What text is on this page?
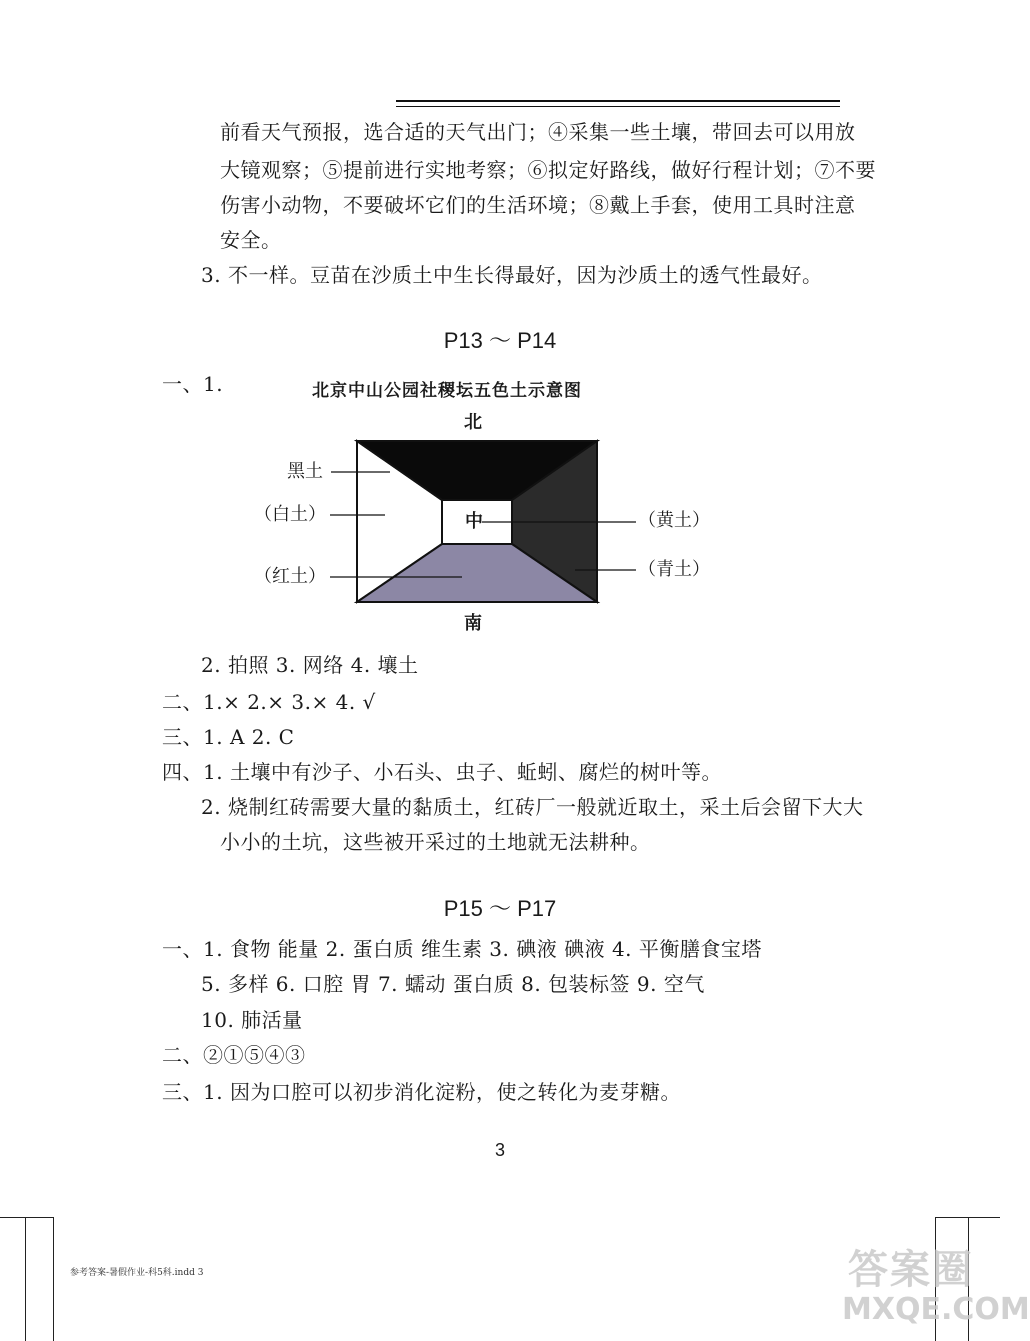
前看天气预报，选合适的天气出门；④采集一些土壤，带回去可以用放
大镜观察；⑤提前进行实地考察；⑥拟定好路线，做好行程计划；⑦不要
伤害小动物，不要破坏它们的生活环境；⑧戴上手套，使用工具时注意
安全。
3. 不一样。豆苗在沙质土中生长得最好，因为沙质土的透气性最好。
P13 ～ P14
一、1.	北京中山公园社稷坛五色土示意图
北
南
中
黑土
（白土）
（红土）
（黄土）
（青土）
2. 拍照 3. 网络 4. 壤土
二、1.× 2.× 3.× 4. √
三、1. A 2. C
四、1. 土壤中有沙子、小石头、虫子、蚯蚓、腐烂的树叶等。
2. 烧制红砖需要大量的黏质土，红砖厂一般就近取土，采土后会留下大大
小小的土坑，这些被开采过的土地就无法耕种。
P15 ～ P17
一、1. 食物 能量 2. 蛋白质 维生素 3. 碘液 碘液 4. 平衡膳食宝塔
5. 多样 6. 口腔 胃 7. 蠕动 蛋白质 8. 包装标签 9. 空气
10. 肺活量
二、②①⑤④③
三、1. 因为口腔可以初步消化淀粉，使之转化为麦芽糖。
3
参考答案-暑假作业-科5科.indd 3	答案圈
MXQE.COM
